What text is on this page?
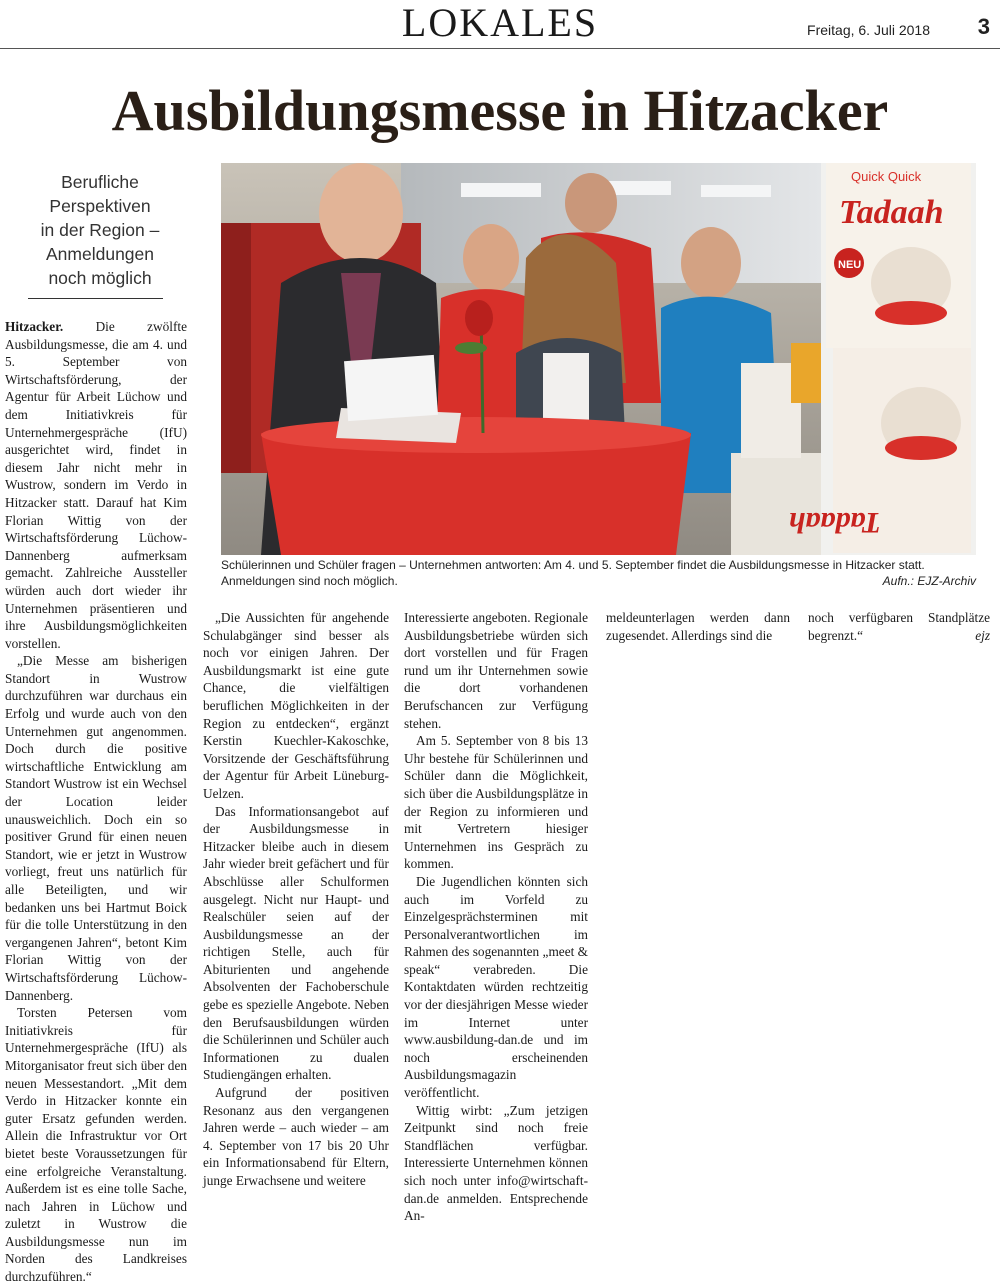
LOKALES	Freitag, 6. Juli 2018 3
Ausbildungsmesse in Hitzacker
Berufliche
Perspektiven
in der Region –
Anmeldungen
noch möglich
Quick Quick
Tadaah
NEU
Tadaah
Schülerinnen und Schüler fragen – Unternehmen antworten: Am 4. und 5. September findet die Ausbildungsmesse in Hitzacker statt. Anmeldungen sind noch möglich.	Aufn.: EJZ-Archiv

Hitzacker. Die zwölfte Ausbildungsmesse, die am 4. und 5. September von Wirtschaftsförderung, der Agentur für Arbeit Lüchow und dem Initiativkreis für Unternehmergespräche (IfU) ausgerichtet wird, findet in diesem Jahr nicht mehr in Wustrow, sondern im Verdo in Hitzacker statt. Darauf hat Kim Florian Wittig von der Wirtschaftsförderung Lüchow-Dannenberg aufmerksam gemacht. Zahlreiche Aussteller würden auch dort wieder ihr Unternehmen präsentieren und ihre Ausbildungsmöglichkeiten vorstellen.

„Die Messe am bisherigen Standort in Wustrow durchzuführen war durchaus ein Erfolg und wurde auch von den Unternehmen gut angenommen. Doch durch die positive wirtschaftliche Entwicklung am Standort Wustrow ist ein Wechsel der Location leider unausweichlich. Doch ein so positiver Grund für einen neuen Standort, wie er jetzt in Wustrow vorliegt, freut uns natürlich für alle Beteiligten, und wir bedanken uns bei Hartmut Boick für die tolle Unterstützung in den vergangenen Jahren“, betont Kim Florian Wittig von der Wirtschaftsförderung Lüchow-Dannenberg.

Torsten Petersen vom Initiativkreis für Unternehmergespräche (IfU) als Mitorganisator freut sich über den neuen Messestandort. „Mit dem Verdo in Hitzacker konnte ein guter Ersatz gefunden werden. Allein die Infrastruktur vor Ort bietet beste Voraussetzungen für eine erfolgreiche Veranstaltung. Außerdem ist es eine tolle Sache, nach Jahren in Lüchow und zuletzt in Wustrow die Ausbildungsmesse nun im Norden des Landkreises durchzuführen.“

„Die Aussichten für angehende Schulabgänger sind besser als noch vor einigen Jahren. Der Ausbildungsmarkt ist eine gute Chance, die vielfältigen beruflichen Möglichkeiten in der Region zu entdecken“, ergänzt Kerstin Kuechler-Kakoschke, Vorsitzende der Geschäftsführung der Agentur für Arbeit Lüneburg-Uelzen.

Das Informationsangebot auf der Ausbildungsmesse in Hitzacker bleibe auch in diesem Jahr wieder breit gefächert und für Abschlüsse aller Schulformen ausgelegt. Nicht nur Haupt- und Realschüler seien auf der Ausbildungsmesse an der richtigen Stelle, auch für Abiturienten und angehende Absolventen der Fachoberschule gebe es spezielle Angebote. Neben den Berufsausbildungen würden die Schülerinnen und Schüler auch Informationen zu dualen Studiengängen erhalten.

Aufgrund der positiven Resonanz aus den vergangenen Jahren werde – auch wieder – am 4. September von 17 bis 20 Uhr ein Informationsabend für Eltern, junge Erwachsene und weitere

Interessierte angeboten. Regionale Ausbildungsbetriebe würden sich dort vorstellen und für Fragen rund um ihr Unternehmen sowie die dort vorhandenen Berufschancen zur Verfügung stehen.

Am 5. September von 8 bis 13 Uhr bestehe für Schülerinnen und Schüler dann die Möglichkeit, sich über die Ausbildungsplätze in der Region zu informieren und mit Vertretern hiesiger Unternehmen ins Gespräch zu kommen.

Die Jugendlichen könnten sich auch im Vorfeld zu Einzelgesprächsterminen mit Personalverantwortlichen im Rahmen des sogenannten „meet & speak“ verabreden. Die Kontaktdaten würden rechtzeitig vor der diesjährigen Messe wieder im Internet unter www.ausbildung-dan.de und im noch erscheinenden Ausbildungsmagazin veröffentlicht.

Wittig wirbt: „Zum jetzigen Zeitpunkt sind noch freie Standflächen verfügbar. Interessierte Unternehmen können sich noch unter info@wirtschaft-dan.de anmelden. Entsprechende An-

meldeunterlagen werden dann zugesendet. Allerdings sind die

noch verfügbaren Standplätze begrenzt.“	ejz
